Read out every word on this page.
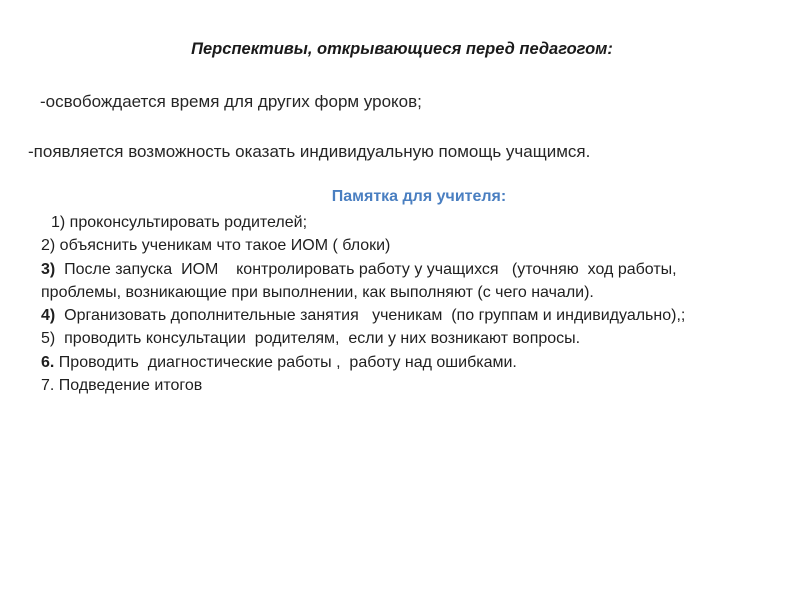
Перспективы, открывающиеся перед педагогом:
-освобождается время для других форм уроков;
-появляется возможность оказать индивидуальную помощь учащимся.
Памятка для учителя:
1) проконсультировать родителей;
2) объяснить ученикам что такое ИОМ ( блоки)
3)  После запуска  ИОМ    контролировать работу у учащихся   (уточняю  ход работы, проблемы, возникающие при выполнении, как выполняют (с чего начали).
4)  Организовать дополнительные занятия   ученикам  (по группам и индивидуально),;
5)  проводить консультации  родителям,  если у них возникают вопросы.
6. Проводить  диагностические работы ,  работу над ошибками.
7. Подведение итогов
